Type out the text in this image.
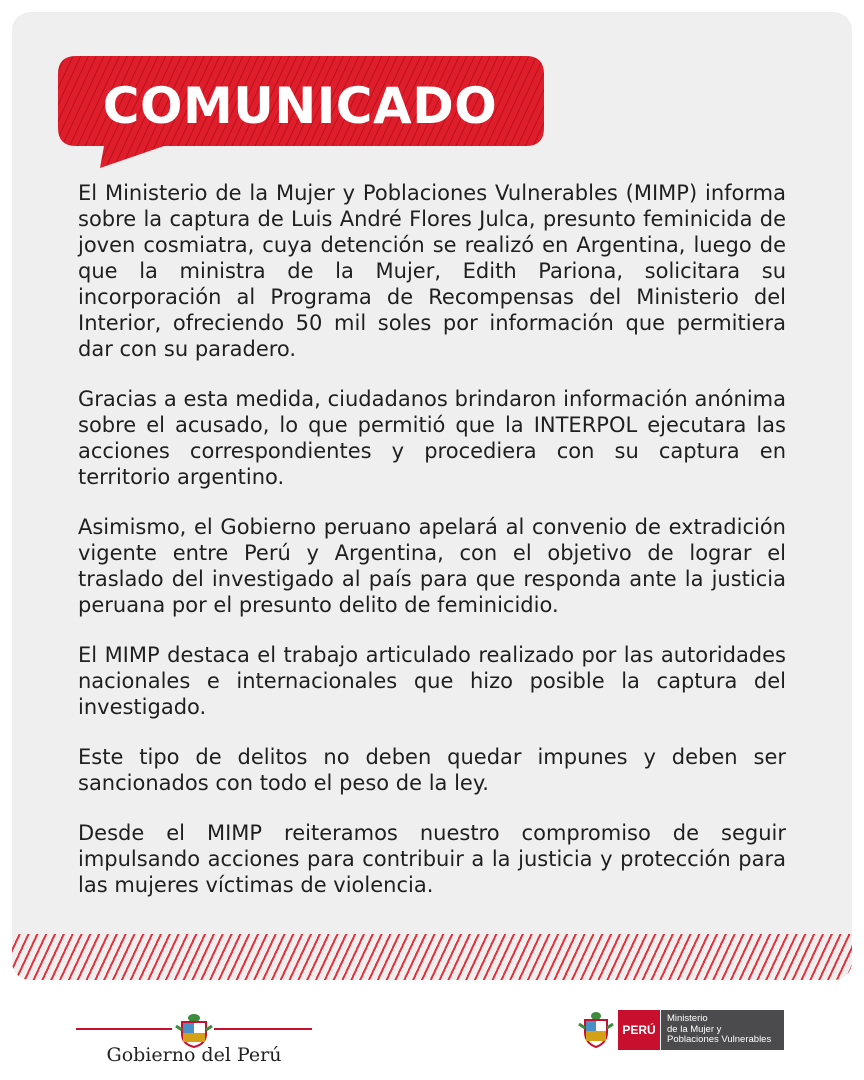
COMUNICADO

El Ministerio de la Mujer y Poblaciones Vulnerables (MIMP) informa sobre la captura de Luis André Flores Julca, presunto feminicida de joven cosmiatra, cuya detención se realizó en Argentina, luego de que la ministra de la Mujer, Edith Pariona, solicitara su incorporación al Programa de Recompensas del Ministerio del Interior, ofreciendo 50 mil soles por información que permitiera dar con su paradero.

Gracias a esta medida, ciudadanos brindaron información anónima sobre el acusado, lo que permitió que la INTERPOL ejecutara las acciones correspondientes y procediera con su captura en territorio argentino.

Asimismo, el Gobierno peruano apelará al convenio de extradición vigente entre Perú y Argentina, con el objetivo de lograr el traslado del investigado al país para que responda ante la justicia peruana por el presunto delito de feminicidio.

El MIMP destaca el trabajo articulado realizado por las autoridades nacionales e internacionales que hizo posible la captura del investigado.

Este tipo de delitos no deben quedar impunes y deben ser sancionados con todo el peso de la ley.

Desde el MIMP reiteramos nuestro compromiso de seguir impulsando acciones para contribuir a la justicia y protección para las mujeres víctimas de violencia.

Gobierno del Perú
PERÚ
Ministerio
de la Mujer y
Poblaciones Vulnerables
